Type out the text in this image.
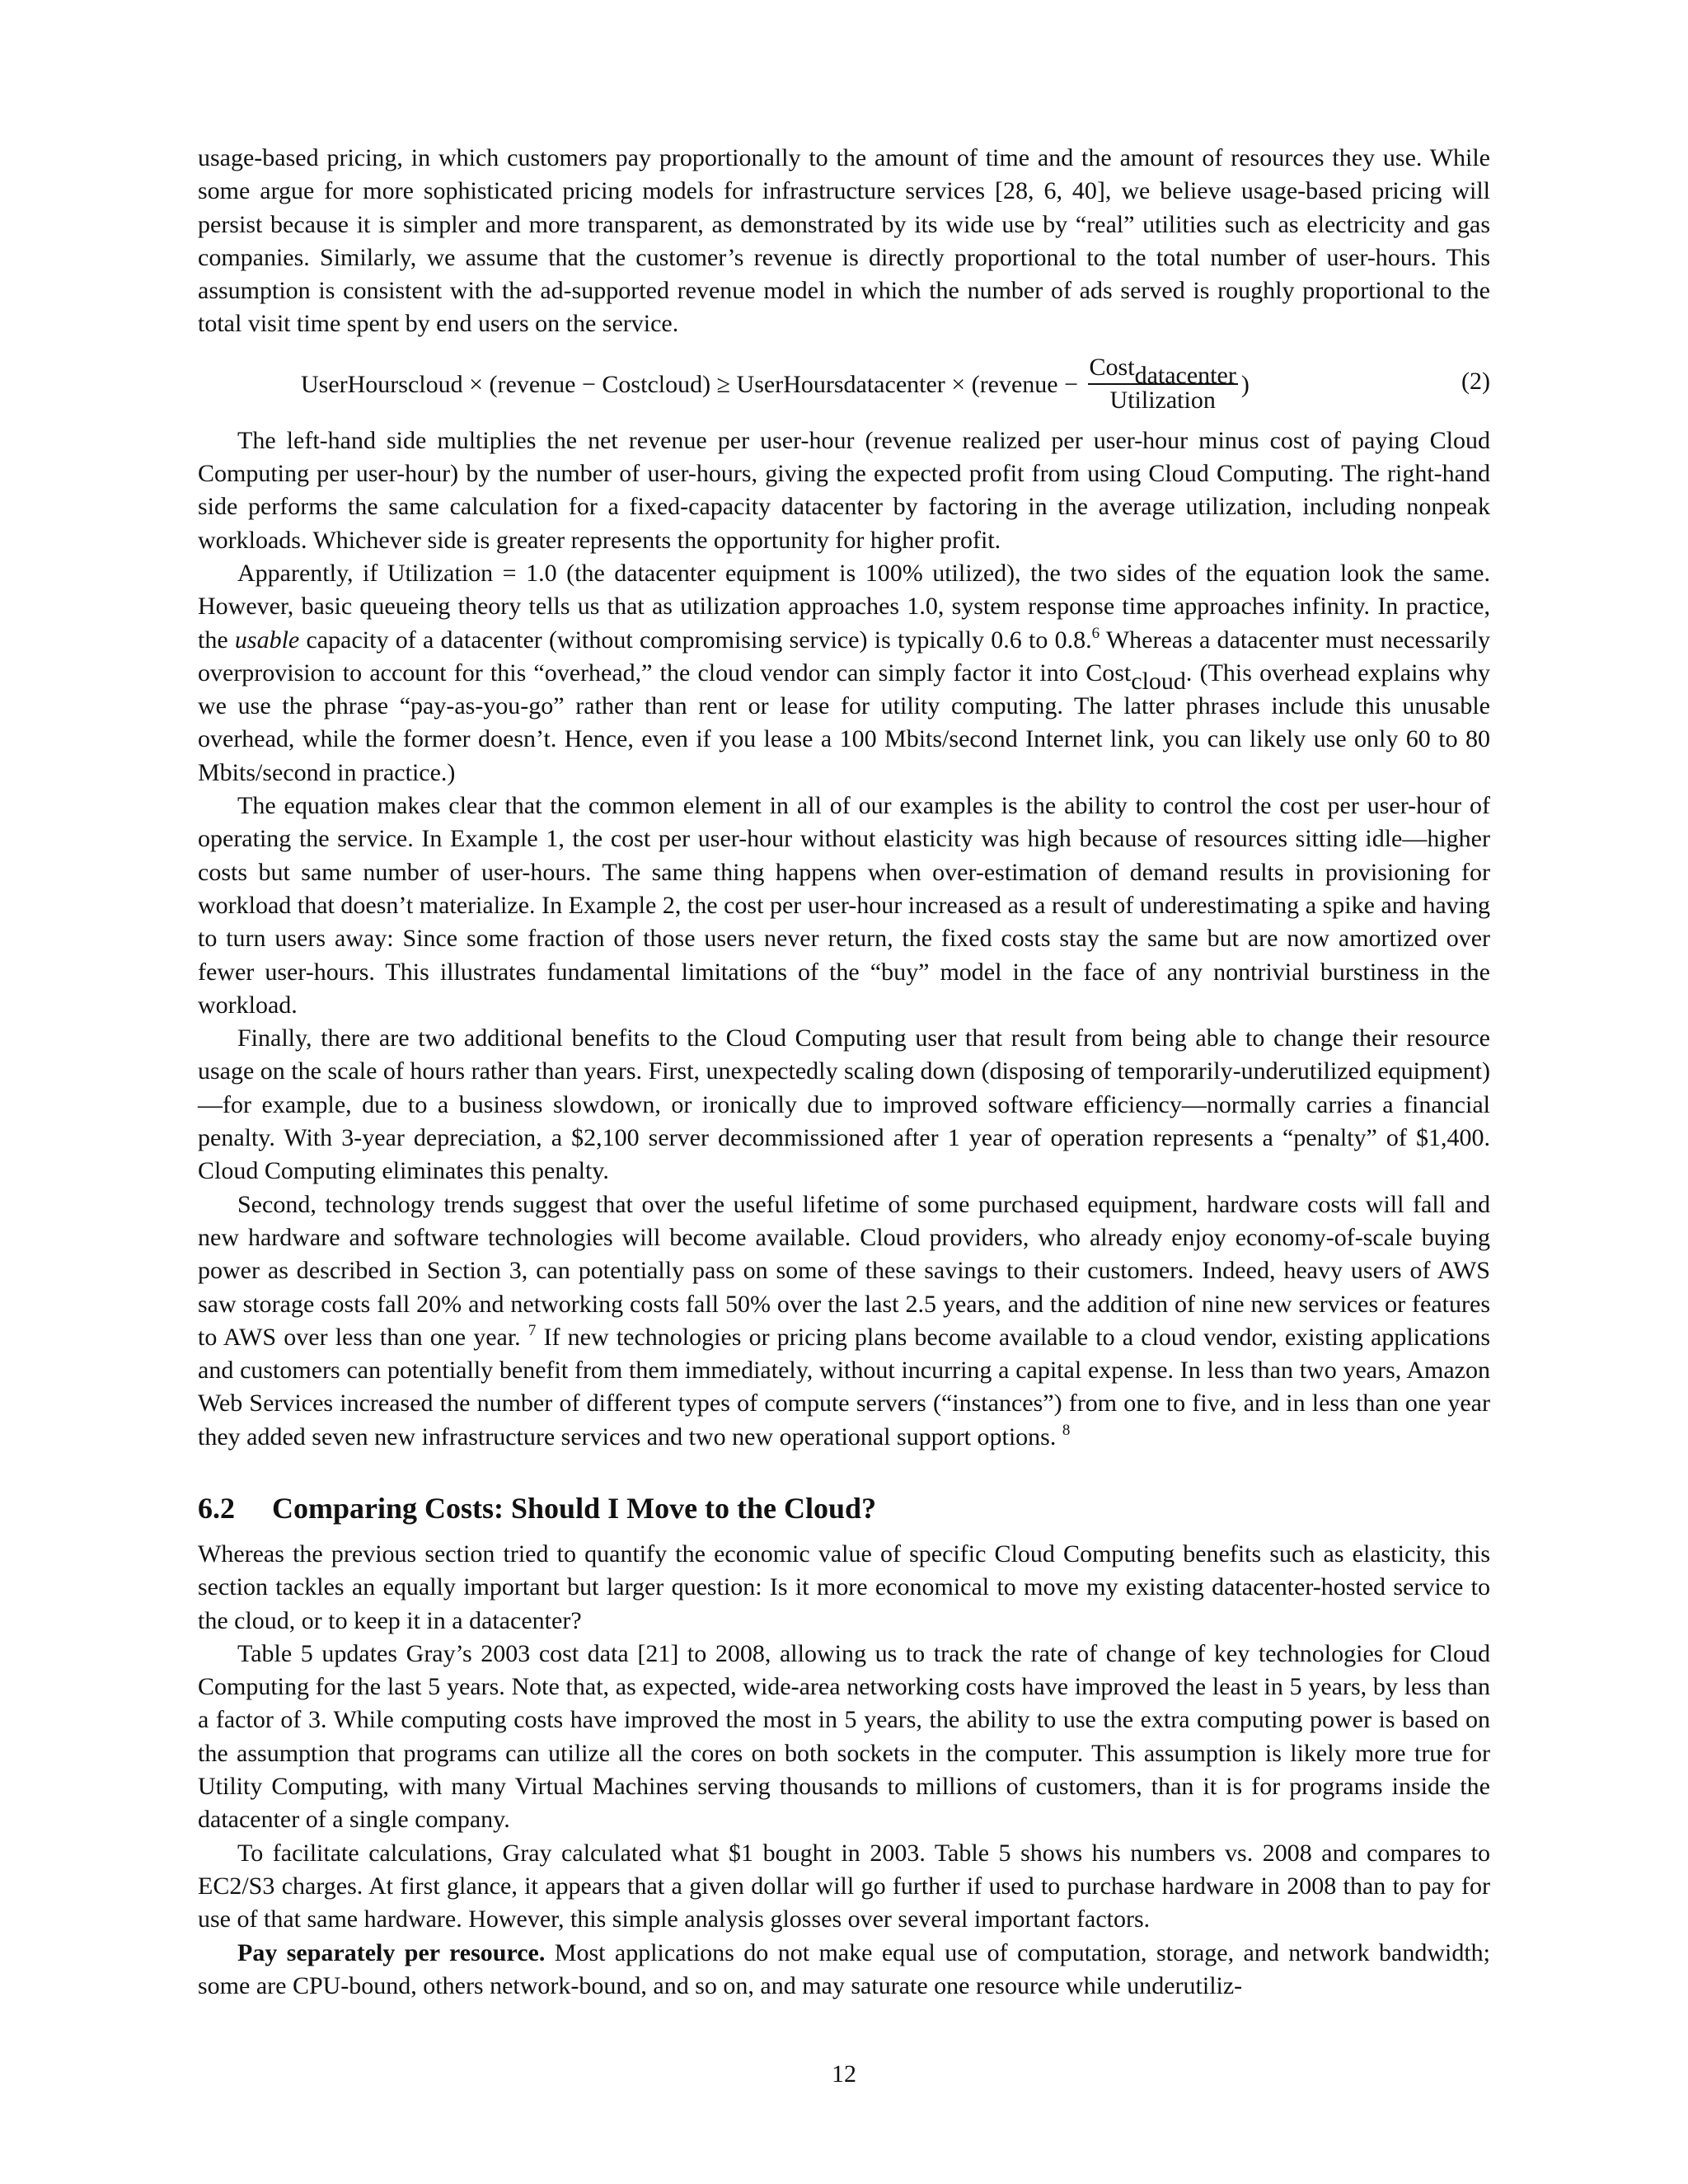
usage-based pricing, in which customers pay proportionally to the amount of time and the amount of resources they use. While some argue for more sophisticated pricing models for infrastructure services [28, 6, 40], we believe usage-based pricing will persist because it is simpler and more transparent, as demonstrated by its wide use by “real” utilities such as electricity and gas companies. Similarly, we assume that the customer’s revenue is directly proportional to the total number of user-hours. This assumption is consistent with the ad-supported revenue model in which the number of ads served is roughly proportional to the total visit time spent by end users on the service.

UserHours cloud × (revenue − Cost cloud ) ≥ UserHours datacenter × (revenue − $\frac{Cost_{datacenter}}{\text{Utilization}}$ )	(2)

The left-hand side multiplies the net revenue per user-hour (revenue realized per user-hour minus cost of paying Cloud Computing per user-hour) by the number of user-hours, giving the expected profit from using Cloud Computing. The right-hand side performs the same calculation for a fixed-capacity datacenter by factoring in the average utilization, including nonpeak workloads. Whichever side is greater represents the opportunity for higher profit.

Apparently, if Utilization = 1.0 (the datacenter equipment is 100% utilized), the two sides of the equation look the same. However, basic queueing theory tells us that as utilization approaches 1.0, system response time approaches infinity. In practice, the usable capacity of a datacenter (without compromising service) is typically 0.6 to 0.8.$^6$ Whereas a datacenter must necessarily overprovision to account for this “overhead,” the cloud vendor can simply factor it into Cost$_{cloud}$. (This overhead explains why we use the phrase “pay-as-you-go” rather than rent or lease for utility computing. The latter phrases include this unusable overhead, while the former doesn’t. Hence, even if you lease a 100 Mbits/second Internet link, you can likely use only 60 to 80 Mbits/second in practice.)

The equation makes clear that the common element in all of our examples is the ability to control the cost per user-hour of operating the service. In Example 1, the cost per user-hour without elasticity was high because of resources sitting idle—higher costs but same number of user-hours. The same thing happens when over-estimation of demand results in provisioning for workload that doesn’t materialize. In Example 2, the cost per user-hour increased as a result of underestimating a spike and having to turn users away: Since some fraction of those users never return, the fixed costs stay the same but are now amortized over fewer user-hours. This illustrates fundamental limitations of the “buy” model in the face of any nontrivial burstiness in the workload.

Finally, there are two additional benefits to the Cloud Computing user that result from being able to change their resource usage on the scale of hours rather than years. First, unexpectedly scaling down (disposing of temporarily-underutilized equipment)—for example, due to a business slowdown, or ironically due to improved software efficiency—normally carries a financial penalty. With 3-year depreciation, a $2,100 server decommissioned after 1 year of operation represents a “penalty” of $1,400. Cloud Computing eliminates this penalty.

Second, technology trends suggest that over the useful lifetime of some purchased equipment, hardware costs will fall and new hardware and software technologies will become available. Cloud providers, who already enjoy economy-of-scale buying power as described in Section 3, can potentially pass on some of these savings to their customers. Indeed, heavy users of AWS saw storage costs fall 20% and networking costs fall 50% over the last 2.5 years, and the addition of nine new services or features to AWS over less than one year. $^7$ If new technologies or pricing plans become available to a cloud vendor, existing applications and customers can potentially benefit from them immediately, without incurring a capital expense. In less than two years, Amazon Web Services increased the number of different types of compute servers (“instances”) from one to five, and in less than one year they added seven new infrastructure services and two new operational support options. $^8$

6.2 Comparing Costs: Should I Move to the Cloud?

Whereas the previous section tried to quantify the economic value of specific Cloud Computing benefits such as elasticity, this section tackles an equally important but larger question: Is it more economical to move my existing datacenter-hosted service to the cloud, or to keep it in a datacenter?

Table 5 updates Gray’s 2003 cost data [21] to 2008, allowing us to track the rate of change of key technologies for Cloud Computing for the last 5 years. Note that, as expected, wide-area networking costs have improved the least in 5 years, by less than a factor of 3. While computing costs have improved the most in 5 years, the ability to use the extra computing power is based on the assumption that programs can utilize all the cores on both sockets in the computer. This assumption is likely more true for Utility Computing, with many Virtual Machines serving thousands to millions of customers, than it is for programs inside the datacenter of a single company.

To facilitate calculations, Gray calculated what $1 bought in 2003. Table 5 shows his numbers vs. 2008 and compares to EC2/S3 charges. At first glance, it appears that a given dollar will go further if used to purchase hardware in 2008 than to pay for use of that same hardware. However, this simple analysis glosses over several important factors.

Pay separately per resource. Most applications do not make equal use of computation, storage, and network bandwidth; some are CPU-bound, others network-bound, and so on, and may saturate one resource while underutiliz-

12
